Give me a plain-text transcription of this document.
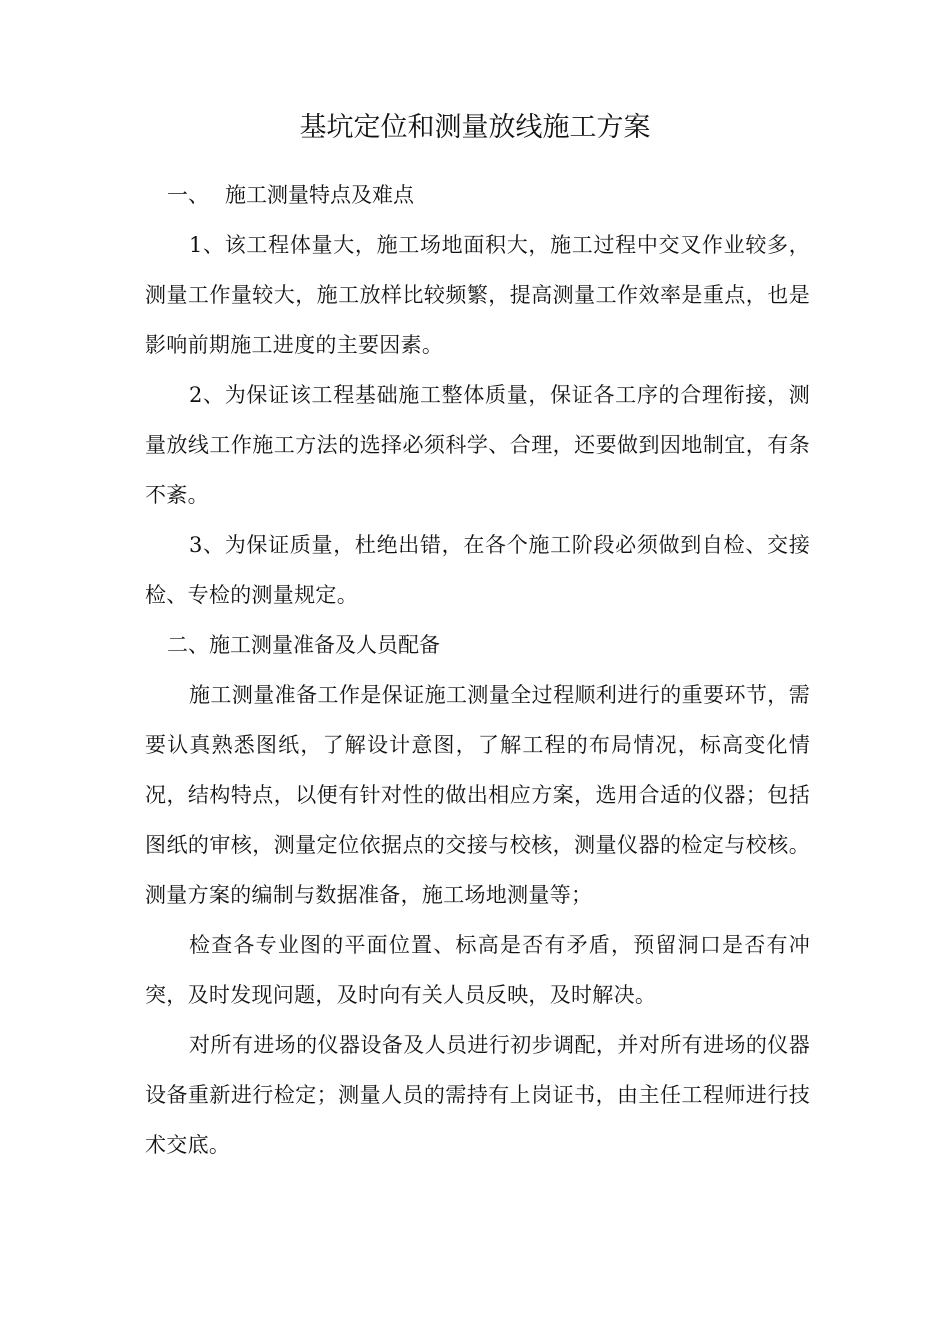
基坑定位和测量放线施工方案

一、 施工测量特点及难点

1、该工程体量大，施工场地面积大，施工过程中交叉作业较多，测量工作量较大，施工放样比较频繁，提高测量工作效率是重点，也是影响前期施工进度的主要因素。

2、为保证该工程基础施工整体质量，保证各工序的合理衔接，测量放线工作施工方法的选择必须科学、合理，还要做到因地制宜，有条不紊。

3、为保证质量，杜绝出错，在各个施工阶段必须做到自检、交接检、专检的测量规定。

二、施工测量准备及人员配备

施工测量准备工作是保证施工测量全过程顺利进行的重要环节，需要认真熟悉图纸，了解设计意图，了解工程的布局情况，标高变化情况，结构特点，以便有针对性的做出相应方案，选用合适的仪器；包括图纸的审核，测量定位依据点的交接与校核，测量仪器的检定与校核。测量方案的编制与数据准备，施工场地测量等；

检查各专业图的平面位置、标高是否有矛盾，预留洞口是否有冲突，及时发现问题，及时向有关人员反映，及时解决。

对所有进场的仪器设备及人员进行初步调配，并对所有进场的仪器设备重新进行检定；测量人员的需持有上岗证书，由主任工程师进行技术交底。
